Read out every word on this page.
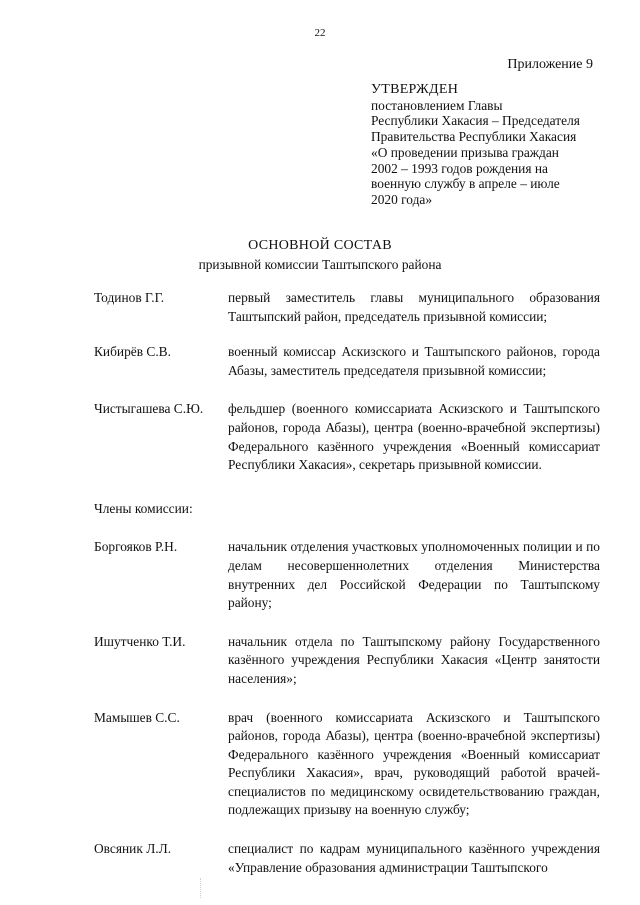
22
Приложение 9
УТВЕРЖДЕН
постановлением Главы
Республики Хакасия – Председателя
Правительства Республики Хакасия
«О проведении призыва граждан
2002 – 1993 годов рождения на
военную службу в апреле – июле
2020 года»
ОСНОВНОЙ СОСТАВ
призывной комиссии Таштыпского района
Тодинов Г.Г.	первый заместитель главы муниципального образования Таштыпский район, председатель призывной комиссии;
Кибирёв С.В.	военный комиссар Аскизского и Таштыпского районов, города Абазы, заместитель председателя призывной комиссии;
Чистыгашева С.Ю.	фельдшер (военного комиссариата Аскизского и Таштыпского районов, города Абазы), центра (военно-врачебной экспертизы) Федерального казённого учреждения «Военный комиссариат Республики Хакасия», секретарь призывной комиссии.
Члены комиссии:
Боргояков Р.Н.	начальник отделения участковых уполномоченных полиции и по делам несовершеннолетних отделения Министерства внутренних дел Российской Федерации по Таштыпскому району;
Ишутченко Т.И.	начальник отдела по Таштыпскому району Государственного казённого учреждения Республики Хакасия «Центр занятости населения»;
Мамышев С.С.	врач (военного комиссариата Аскизского и Таштыпского районов, города Абазы), центра (военно-врачебной экспертизы) Федерального казённого учреждения «Военный комиссариат Республики Хакасия», врач, руководящий работой врачей-специалистов по медицинскому освидетельствованию граждан, подлежащих призыву на военную службу;
Овсяник Л.Л.	специалист по кадрам муниципального казённого учреждения «Управление образования администрации Таштыпского
